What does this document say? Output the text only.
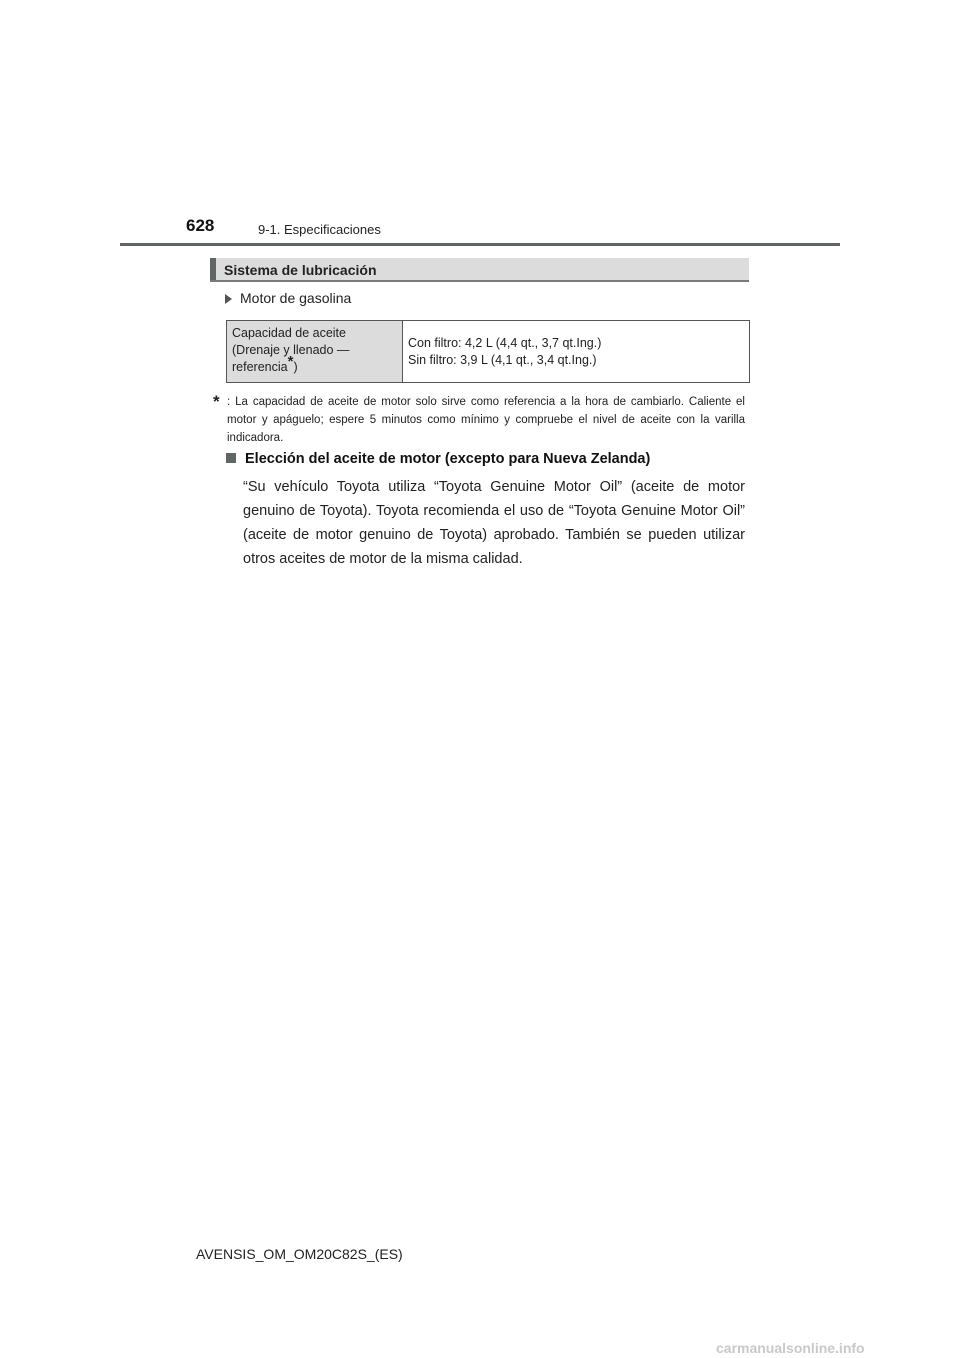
628	9-1. Especificaciones
Sistema de lubricación
Motor de gasolina
Capacidad de aceite
(Drenaje y llenado —
referencia*)	Con filtro: 4,2 L (4,4 qt., 3,7 qt.Ing.)
Sin filtro: 3,9 L (4,1 qt., 3,4 qt.Ing.)
* : La capacidad de aceite de motor solo sirve como referencia a la hora de cambiarlo. Caliente el motor y apáguelo; espere 5 minutos como mínimo y compruebe el nivel de aceite con la varilla indicadora.
Elección del aceite de motor (excepto para Nueva Zelanda)
“Su vehículo Toyota utiliza “Toyota Genuine Motor Oil” (aceite de motor genuino de Toyota). Toyota recomienda el uso de “Toyota Genuine Motor Oil” (aceite de motor genuino de Toyota) aprobado. También se pueden utilizar otros aceites de motor de la misma calidad.
AVENSIS_OM_OM20C82S_(ES)
carmanualsonline.info
